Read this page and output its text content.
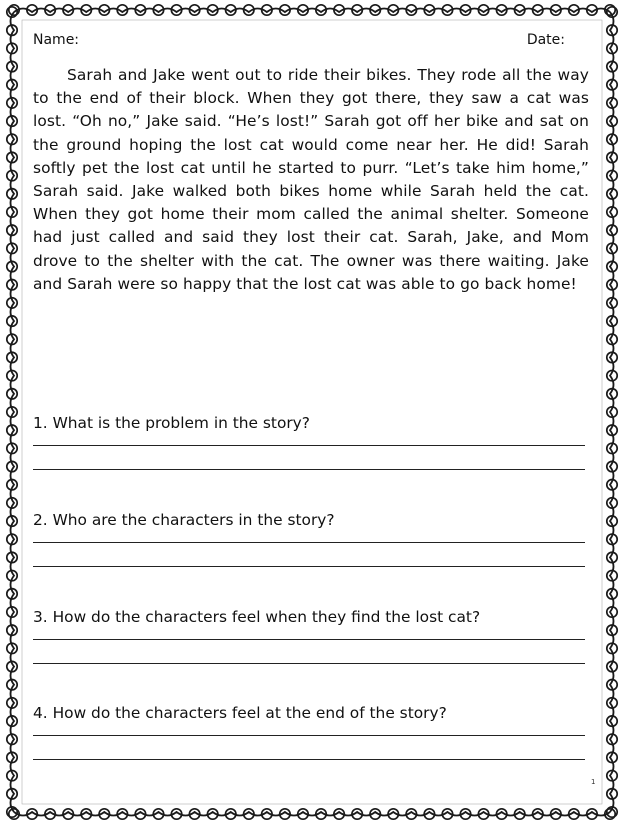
Name:	Date:
Sarah and Jake went out to ride their bikes. They rode all the way to the end of their block. When they got there, they saw a cat was lost. “Oh no,” Jake said. “He’s lost!” Sarah got off her bike and sat on the ground hoping the lost cat would come near her. He did! Sarah softly pet the lost cat until he started to purr. “Let’s take him home,” Sarah said. Jake walked both bikes home while Sarah held the cat. When they got home their mom called the animal shelter. Someone had just called and said they lost their cat. Sarah, Jake, and Mom drove to the shelter with the cat. The owner was there waiting. Jake and Sarah were so happy that the lost cat was able to go back home!
1. What is the problem in the story?
2. Who are the characters in the story?
3. How do the characters feel when they find the lost cat?
4. How do the characters feel at the end of the story?
1
